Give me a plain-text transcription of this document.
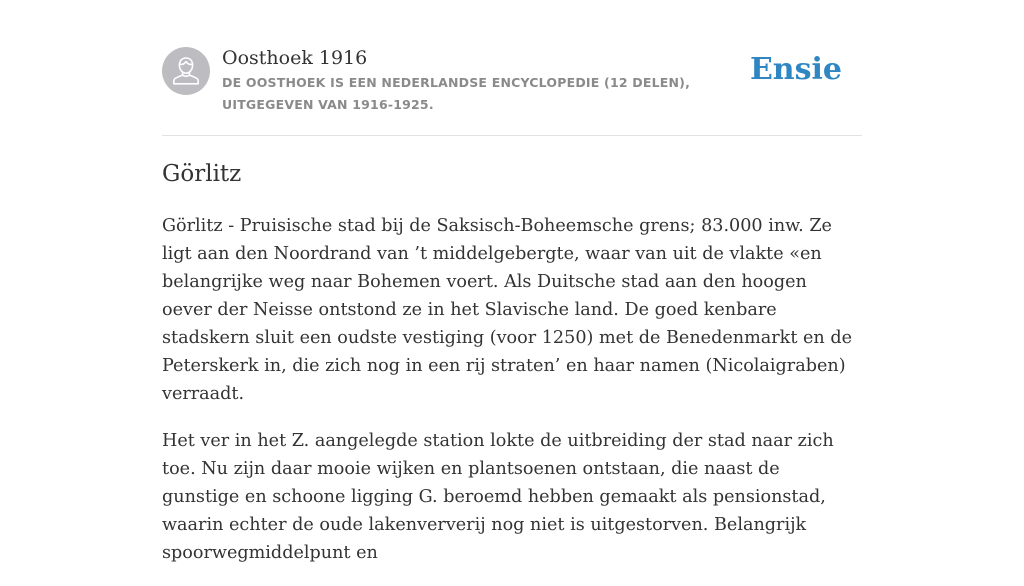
Oosthoek 1916
DE OOSTHOEK IS EEN NEDERLANDSE ENCYCLOPEDIE (12 DELEN), UITGEGEVEN VAN 1916-1925.
Ensie
Görlitz

Görlitz - Pruisische stad bij de Saksisch-Boheemsche grens; 83.000 inw. Ze ligt aan den Noordrand van ’t middelgebergte, waar van uit de vlakte «en belangrijke weg naar Bohemen voert. Als Duitsche stad aan den hoogen oever der Neisse ontstond ze in het Slavische land. De goed kenbare stadskern sluit een oudste vestiging (voor 1250) met de Benedenmarkt en de Peterskerk in, die zich nog in een rij straten’ en haar namen (Nicolaigraben) verraadt.

Het ver in het Z. aangelegde station lokte de uitbreiding der stad naar zich toe. Nu zijn daar mooie wijken en plantsoenen ontstaan, die naast de gunstige en schoone ligging G. beroemd hebben gemaakt als pensionstad, waarin echter de oude lakenververij nog niet is uitgestorven. Belangrijk spoorwegmiddelpunt en
